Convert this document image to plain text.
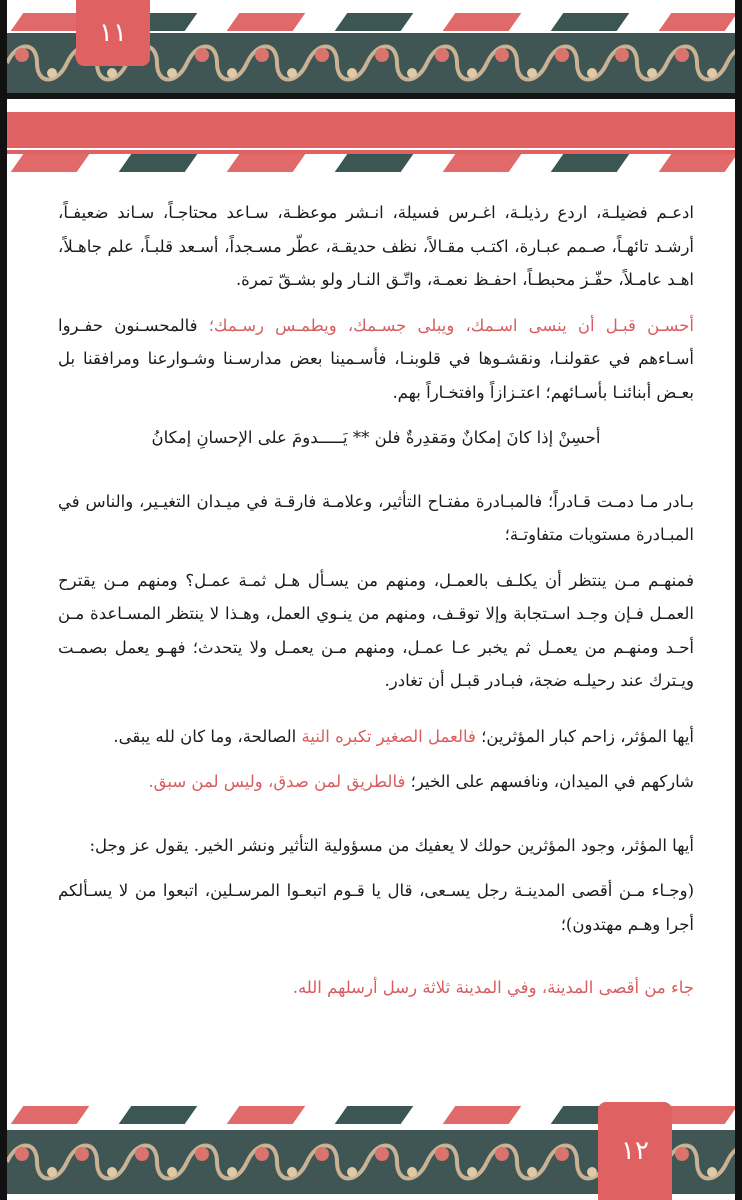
١١

ادعـم فضيلـة، اردع رذيلـة، اغـرس فسيلة، انـشر موعظـة، سـاعد محتاجـاً، سـاند ضعيفـاً، أرشـد تائهـاً، صـمم عبـارة، اكتـب مقـالاً، نظف حديقـة، عطّر مسـجداً، أسـعد قلبـاً، علم جاهـلاً، اهـد عامـلاً، حفّـز محبطـاً، احفـظ نعمـة، واتّـق النـار ولو بشـقّ تمرة.

أحسـن قبـل أن ينسى اسـمك، ويبلى جسـمك، ويطمـس رسـمك؛ فالمحسـنون حفـروا أسـاءهم في عقولنـا، ونقشـوها في قلوبنـا، فأسـمينا بعض مدارسـنا وشـوارعنا ومرافقنا بل بعـض أبنائنـا بأسـائهم؛ اعتـزازاً وافتخـاراً بهم.

أحسِنْ إذا كانَ إمكانٌ ومَقدِرةٌ فلن ** يَـــــدومَ على الإحسانِ إمكانُ

بـادر مـا دمـت قـادراً؛ فالمبـادرة مفتـاح التأثير، وعلامـة فارقـة في ميـدان التغيـير، والناس في المبـادرة مستويات متفاوتـة؛

فمنهـم مـن ينتظر أن يكلـف بالعمـل، ومنهم من يسـأل هـل ثمـة عمـل؟ ومنهم مـن يقترح العمـل فـإن وجـد اسـتجابة وإلا توقـف، ومنهم من ينـوي العمل، وهـذا لا ينتظر المسـاعدة مـن أحـد ومنهـم من يعمـل ثم يخبر عـا عمـل، ومنهم مـن يعمـل ولا يتحدث؛ فهـو يعمل بصمـت ويـترك عند رحيلـه ضجة، فبـادر قبـل أن تغادر.

أيها المؤثر، زاحم كبار المؤثرين؛ فالعمل الصغير تكبره النية الصالحة، وما كان لله يبقى.

شاركهم في الميدان، ونافسهم على الخير؛ فالطريق لمن صدق، وليس لمن سبق.

أيها المؤثر، وجود المؤثرين حولك لا يعفيك من مسؤولية التأثير ونشر الخير. يقول عز وجل:

(وجـاء مـن أقصى المدينـة رجل يسـعى، قال يا قـوم اتبعـوا المرسـلين، اتبعوا من لا يسـألكم أجرا وهـم مهتدون)؛

جاء من أقصى المدينة، وفي المدينة ثلاثة رسل أرسلهم الله.

١٢
